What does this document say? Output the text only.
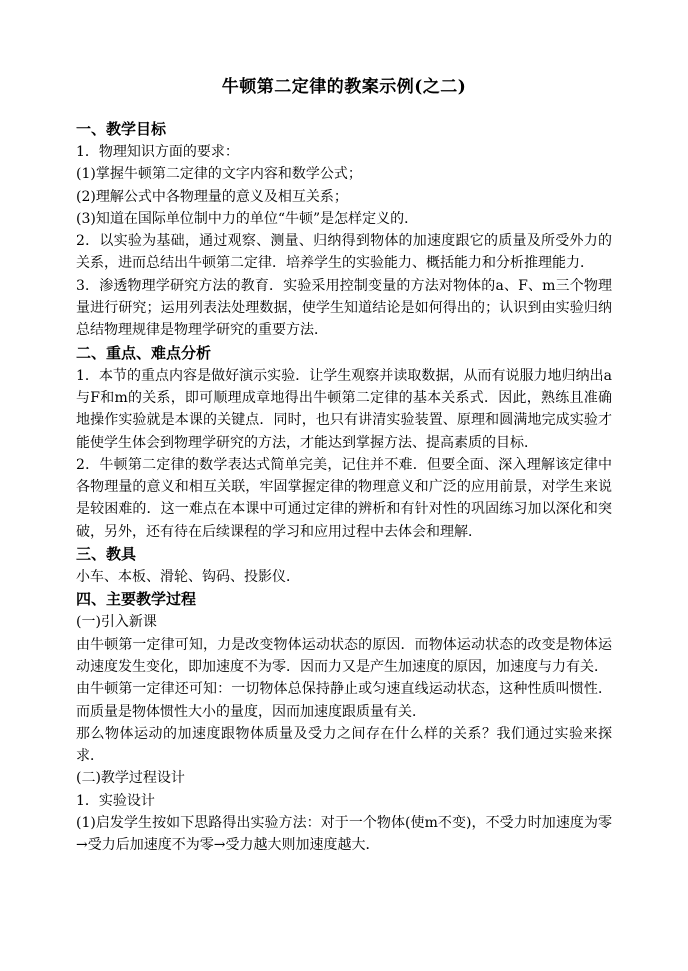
牛顿第二定律的教案示例(之二)
一、教学目标
1．物理知识方面的要求：
(1)掌握牛顿第二定律的文字内容和数学公式；
(2)理解公式中各物理量的意义及相互关系；
(3)知道在国际单位制中力的单位“牛顿”是怎样定义的．
2．以实验为基础，通过观察、测量、归纳得到物体的加速度跟它的质量及所受外力的关系，进而总结出牛顿第二定律．培养学生的实验能力、概括能力和分析推理能力．
3．渗透物理学研究方法的教育．实验采用控制变量的方法对物体的a、F、m三个物理量进行研究；运用列表法处理数据，使学生知道结论是如何得出的；认识到由实验归纳总结物理规律是物理学研究的重要方法．
二、重点、难点分析
1．本节的重点内容是做好演示实验．让学生观察并读取数据，从而有说服力地归纳出a与F和m的关系，即可顺理成章地得出牛顿第二定律的基本关系式．因此，熟练且准确地操作实验就是本课的关键点．同时，也只有讲清实验装置、原理和圆满地完成实验才能使学生体会到物理学研究的方法，才能达到掌握方法、提高素质的目标．
2．牛顿第二定律的数学表达式简单完美，记住并不难．但要全面、深入理解该定律中各物理量的意义和相互关联，牢固掌握定律的物理意义和广泛的应用前景，对学生来说是较困难的．这一难点在本课中可通过定律的辨析和有针对性的巩固练习加以深化和突破，另外，还有待在后续课程的学习和应用过程中去体会和理解．
三、教具
小车、本板、滑轮、钩码、投影仪．
四、主要教学过程
(一)引入新课
由牛顿第一定律可知，力是改变物体运动状态的原因．而物体运动状态的改变是物体运动速度发生变化，即加速度不为零．因而力又是产生加速度的原因，加速度与力有关．
由牛顿第一定律还可知：一切物体总保持静止或匀速直线运动状态，这种性质叫惯性．而质量是物体惯性大小的量度，因而加速度跟质量有关．
那么物体运动的加速度跟物体质量及受力之间存在什么样的关系？我们通过实验来探求．
(二)教学过程设计
1．实验设计
(1)启发学生按如下思路得出实验方法：对于一个物体(使m不变)，不受力时加速度为零→受力后加速度不为零→受力越大则加速度越大．
